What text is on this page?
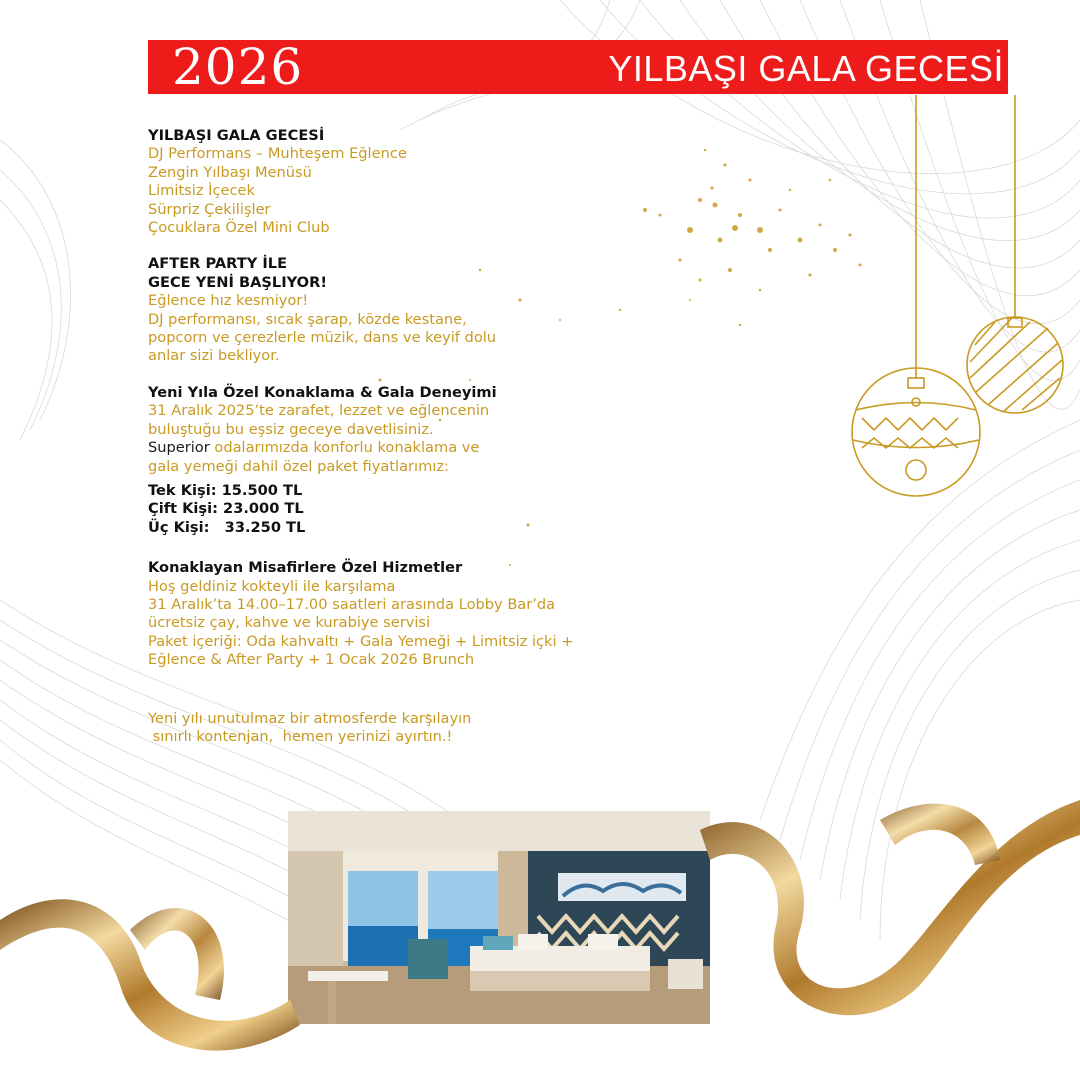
2026	YILBAŞI GALA GECESİ
YILBAŞI GALA GECESİ
DJ Performans – Muhteşem Eğlence
Zengin Yılbaşı Menüsü
Limitsiz İçecek
Sürpriz Çekilişler
Çocuklara Özel Mini Club
AFTER PARTY İLE
GECE YENİ BAŞLIYOR!
Eğlence hız kesmiyor!
DJ performansı, sıcak şarap, közde kestane,
popcorn ve çerezlerle müzik, dans ve keyif dolu
anlar sizi bekliyor.
Yeni Yıla Özel Konaklama & Gala Deneyimi
31 Aralık 2025’te zarafet, lezzet ve eğlencenin
buluştuğu bu eşsiz geceye davetlisiniz.
Superior odalarımızda konforlu konaklama ve
gala yemeği dahil özel paket fiyatlarımız:
Tek Kişi: 15.500 TL
Çift Kişi: 23.000 TL
Üç Kişi:   33.250 TL
Konaklayan Misafirlere Özel Hizmetler
Hoş geldiniz kokteyli ile karşılama
31 Aralık’ta 14.00–17.00 saatleri arasında Lobby Bar’da
ücretsiz çay, kahve ve kurabiye servisi
Paket içeriği: Oda kahvaltı + Gala Yemeği + Limitsiz içki +
Eğlence & After Party + 1 Ocak 2026 Brunch
Yeni yılı unutulmaz bir atmosferde karşılayın
sınırlı kontenjan,  hemen yerinizi ayırtın.!
